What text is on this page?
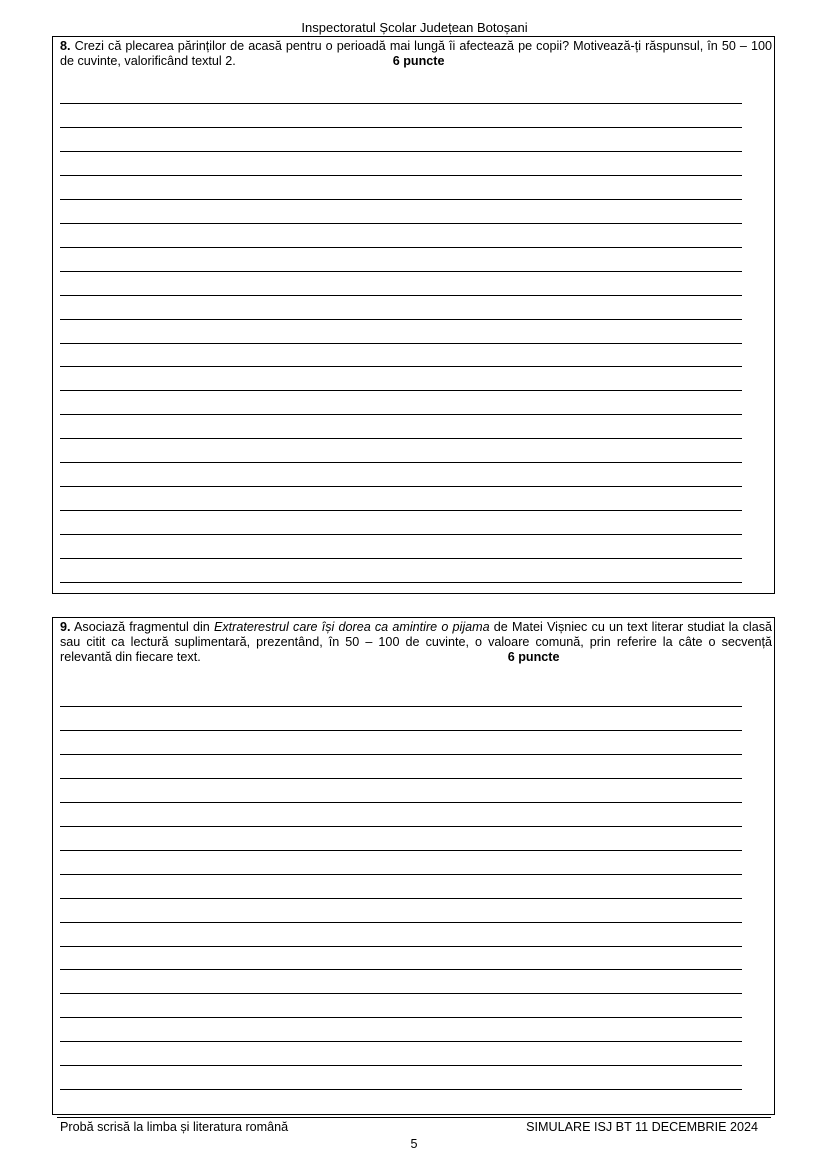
Inspectoratul Școlar Județean Botoșani
8. Crezi că plecarea părinților de acasă pentru o perioadă mai lungă îi afectează pe copii? Motivează-ți răspunsul, în 50 – 100 de cuvinte, valorificând textul 2.	6 puncte
9. Asociază fragmentul din Extraterestrul care își dorea ca amintire o pijama de Matei Vișniec cu un text literar studiat la clasă sau citit ca lectură suplimentară, prezentând, în 50 – 100 de cuvinte, o valoare comună, prin referire la câte o secvență relevantă din fiecare text.	6 puncte
Probă scrisă la limba și literatura română	SIMULARE ISJ BT 11 DECEMBRIE 2024
5
